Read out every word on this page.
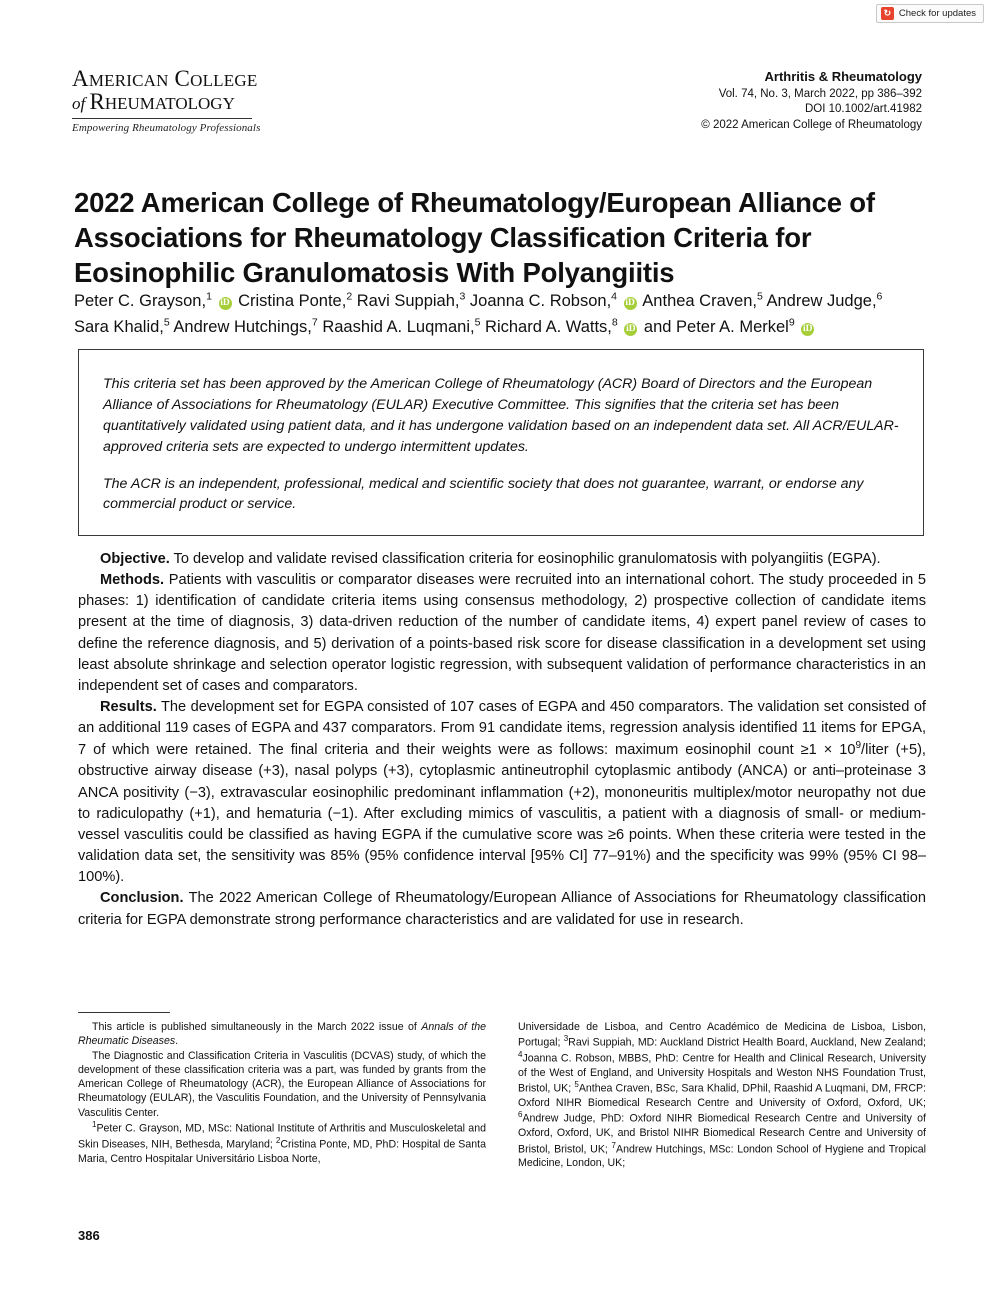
↻ Check for updates
AMERICAN COLLEGE
of RHEUMATOLOGY
Empowering Rheumatology Professionals
Arthritis & Rheumatology
Vol. 74, No. 3, March 2022, pp 386–392
DOI 10.1002/art.41982
© 2022 American College of Rheumatology
2022 American College of Rheumatology/European Alliance of Associations for Rheumatology Classification Criteria for Eosinophilic Granulomatosis With Polyangiitis
Peter C. Grayson,$^1$ iD Cristina Ponte,$^2$ Ravi Suppiah,$^3$ Joanna C. Robson,$^4$ iD Anthea Craven,$^5$ Andrew Judge,$^6$
Sara Khalid,$^5$ Andrew Hutchings,$^7$ Raashid A. Luqmani,$^5$ Richard A. Watts,$^8$ iD and Peter A. Merkel$^9$ iD

This criteria set has been approved by the American College of Rheumatology (ACR) Board of Directors and the European Alliance of Associations for Rheumatology (EULAR) Executive Committee. This signifies that the criteria set has been quantitatively validated using patient data, and it has undergone validation based on an independent data set. All ACR/EULAR-approved criteria sets are expected to undergo intermittent updates.

The ACR is an independent, professional, medical and scientific society that does not guarantee, warrant, or endorse any commercial product or service.

Objective. To develop and validate revised classification criteria for eosinophilic granulomatosis with polyangiitis (EGPA).

Methods. Patients with vasculitis or comparator diseases were recruited into an international cohort. The study proceeded in 5 phases: 1) identification of candidate criteria items using consensus methodology, 2) prospective collection of candidate items present at the time of diagnosis, 3) data-driven reduction of the number of candidate items, 4) expert panel review of cases to define the reference diagnosis, and 5) derivation of a points-based risk score for disease classification in a development set using least absolute shrinkage and selection operator logistic regression, with subsequent validation of performance characteristics in an independent set of cases and comparators.

Results. The development set for EGPA consisted of 107 cases of EGPA and 450 comparators. The validation set consisted of an additional 119 cases of EGPA and 437 comparators. From 91 candidate items, regression analysis identified 11 items for EPGA, 7 of which were retained. The final criteria and their weights were as follows: maximum eosinophil count $\ge 1 \times 10^9$/liter (+5), obstructive airway disease (+3), nasal polyps (+3), cytoplasmic antineutrophil cytoplasmic antibody (ANCA) or anti–proteinase 3 ANCA positivity (−3), extravascular eosinophilic predominant inflammation (+2), mononeuritis multiplex/motor neuropathy not due to radiculopathy (+1), and hematuria (−1). After excluding mimics of vasculitis, a patient with a diagnosis of small- or medium-vessel vasculitis could be classified as having EGPA if the cumulative score was ≥6 points. When these criteria were tested in the validation data set, the sensitivity was 85% (95% confidence interval [95% CI] 77–91%) and the specificity was 99% (95% CI 98–100%).

Conclusion. The 2022 American College of Rheumatology/European Alliance of Associations for Rheumatology classification criteria for EGPA demonstrate strong performance characteristics and are validated for use in research.

This article is published simultaneously in the March 2022 issue of Annals of the Rheumatic Diseases.

The Diagnostic and Classification Criteria in Vasculitis (DCVAS) study, of which the development of these classification criteria was a part, was funded by grants from the American College of Rheumatology (ACR), the European Alliance of Associations for Rheumatology (EULAR), the Vasculitis Foundation, and the University of Pennsylvania Vasculitis Center.

$^1$Peter C. Grayson, MD, MSc: National Institute of Arthritis and Musculoskeletal and Skin Diseases, NIH, Bethesda, Maryland; $^2$Cristina Ponte, MD, PhD: Hospital de Santa Maria, Centro Hospitalar Universitário Lisboa Norte,

Universidade de Lisboa, and Centro Académico de Medicina de Lisboa, Lisbon, Portugal; $^3$Ravi Suppiah, MD: Auckland District Health Board, Auckland, New Zealand; $^4$Joanna C. Robson, MBBS, PhD: Centre for Health and Clinical Research, University of the West of England, and University Hospitals and Weston NHS Foundation Trust, Bristol, UK; $^5$Anthea Craven, BSc, Sara Khalid, DPhil, Raashid A Luqmani, DM, FRCP: Oxford NIHR Biomedical Research Centre and University of Oxford, Oxford, UK; $^6$Andrew Judge, PhD: Oxford NIHR Biomedical Research Centre and University of Oxford, Oxford, UK, and Bristol NIHR Biomedical Research Centre and University of Bristol, Bristol, UK; $^7$Andrew Hutchings, MSc: London School of Hygiene and Tropical Medicine, London, UK;

386
